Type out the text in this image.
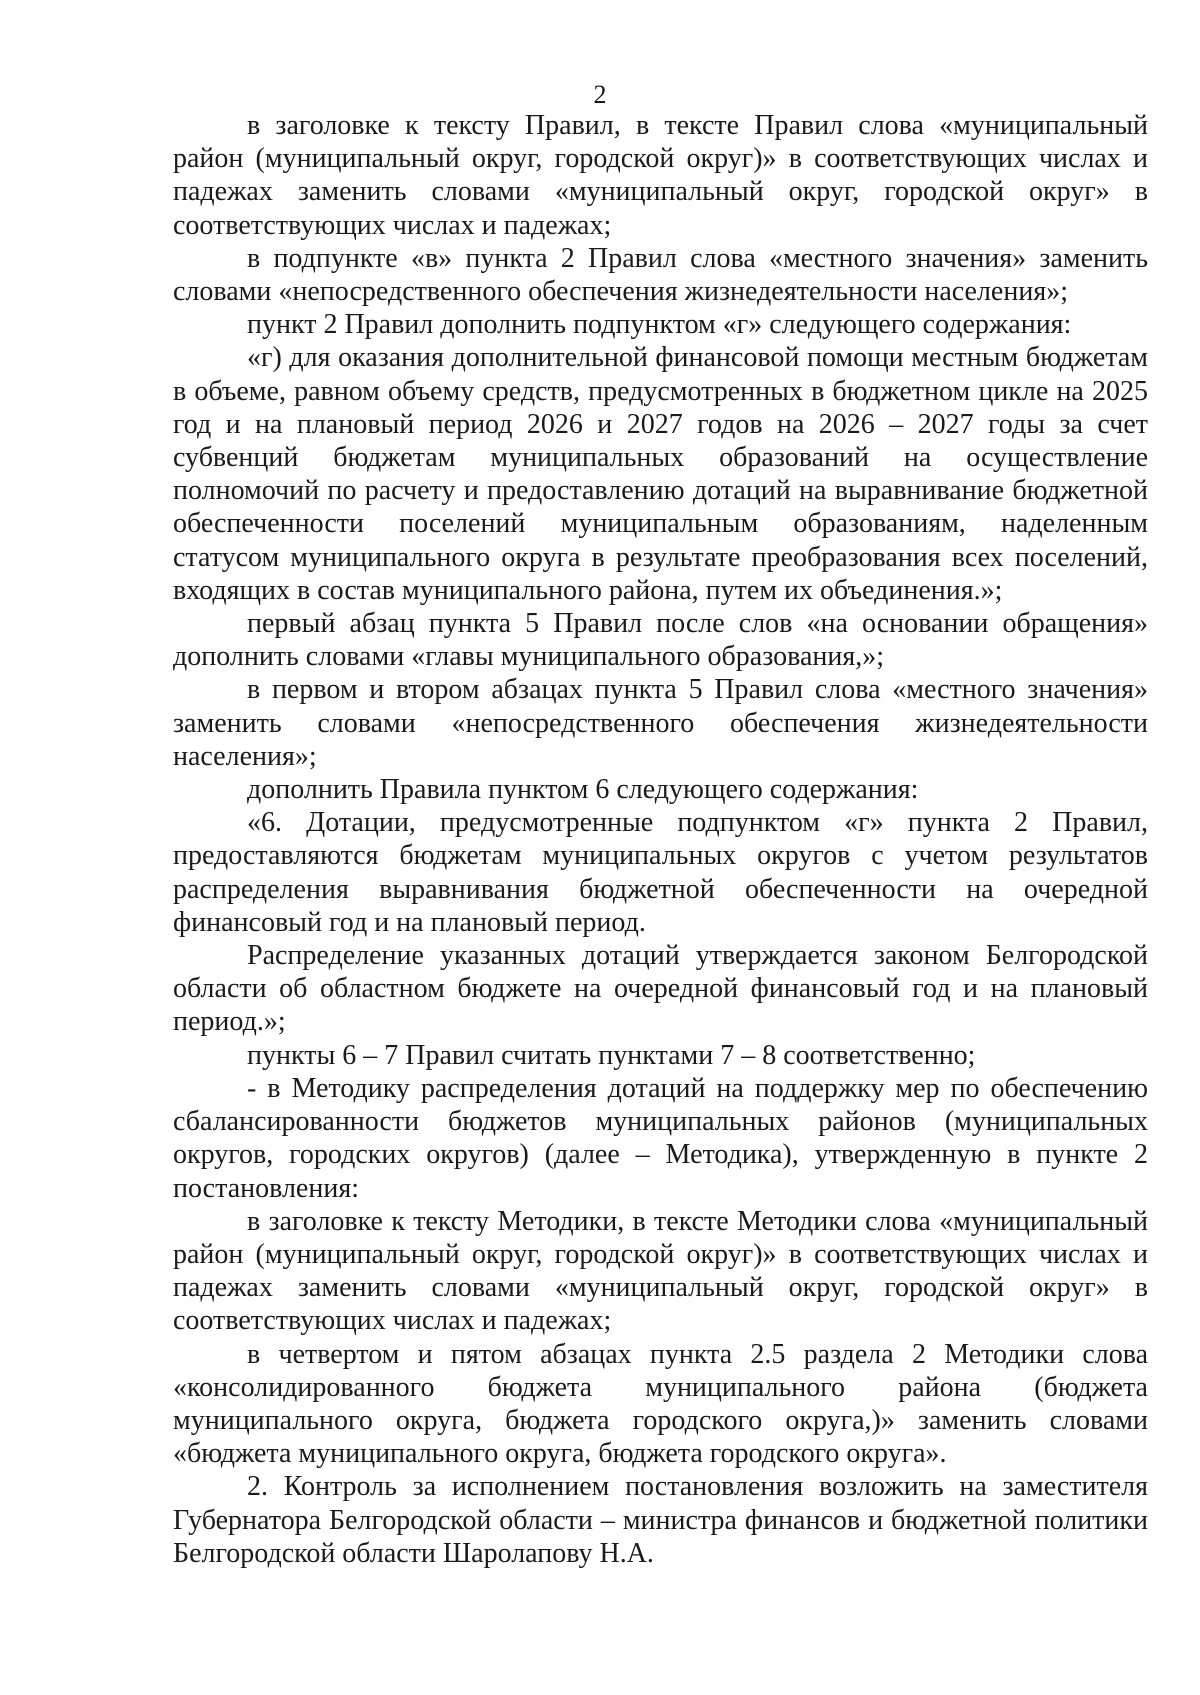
2

в заголовке к тексту Правил, в тексте Правил слова «муниципальный район (муниципальный округ, городской округ)» в соответствующих числах и падежах заменить словами «муниципальный округ, городской округ» в соответствующих числах и падежах;

в подпункте «в» пункта 2 Правил слова «местного значения» заменить словами «непосредственного обеспечения жизнедеятельности населения»;

пункт 2 Правил дополнить подпунктом «г» следующего содержания:

«г) для оказания дополнительной финансовой помощи местным бюджетам в объеме, равном объему средств, предусмотренных в бюджетном цикле на 2025 год и на плановый период 2026 и 2027 годов на 2026 – 2027 годы за счет субвенций бюджетам муниципальных образований на осуществление полномочий по расчету и предоставлению дотаций на выравнивание бюджетной обеспеченности поселений муниципальным образованиям, наделенным статусом муниципального округа в результате преобразования всех поселений, входящих в состав муниципального района, путем их объединения.»;

первый абзац пункта 5 Правил после слов «на основании обращения» дополнить словами «главы муниципального образования,»;

в первом и втором абзацах пункта 5 Правил слова «местного значения» заменить словами «непосредственного обеспечения жизнедеятельности населения»;

дополнить Правила пунктом 6 следующего содержания:

«6. Дотации, предусмотренные подпунктом «г» пункта 2 Правил, предоставляются бюджетам муниципальных округов с учетом результатов распределения выравнивания бюджетной обеспеченности на очередной финансовый год и на плановый период.

Распределение указанных дотаций утверждается законом Белгородской области об областном бюджете на очередной финансовый год и на плановый период.»;

пункты 6 – 7 Правил считать пунктами 7 – 8 соответственно;

- в Методику распределения дотаций на поддержку мер по обеспечению сбалансированности бюджетов муниципальных районов (муниципальных округов, городских округов) (далее – Методика), утвержденную в пункте 2 постановления:

в заголовке к тексту Методики, в тексте Методики слова «муниципальный район (муниципальный округ, городской округ)» в соответствующих числах и падежах заменить словами «муниципальный округ, городской округ» в соответствующих числах и падежах;

в четвертом и пятом абзацах пункта 2.5 раздела 2 Методики слова «консолидированного бюджета муниципального района (бюджета муниципального округа, бюджета городского округа,)» заменить словами «бюджета муниципального округа, бюджета городского округа».

2. Контроль за исполнением постановления возложить на заместителя Губернатора Белгородской области – министра финансов и бюджетной политики Белгородской области Шаролапову Н.А.
